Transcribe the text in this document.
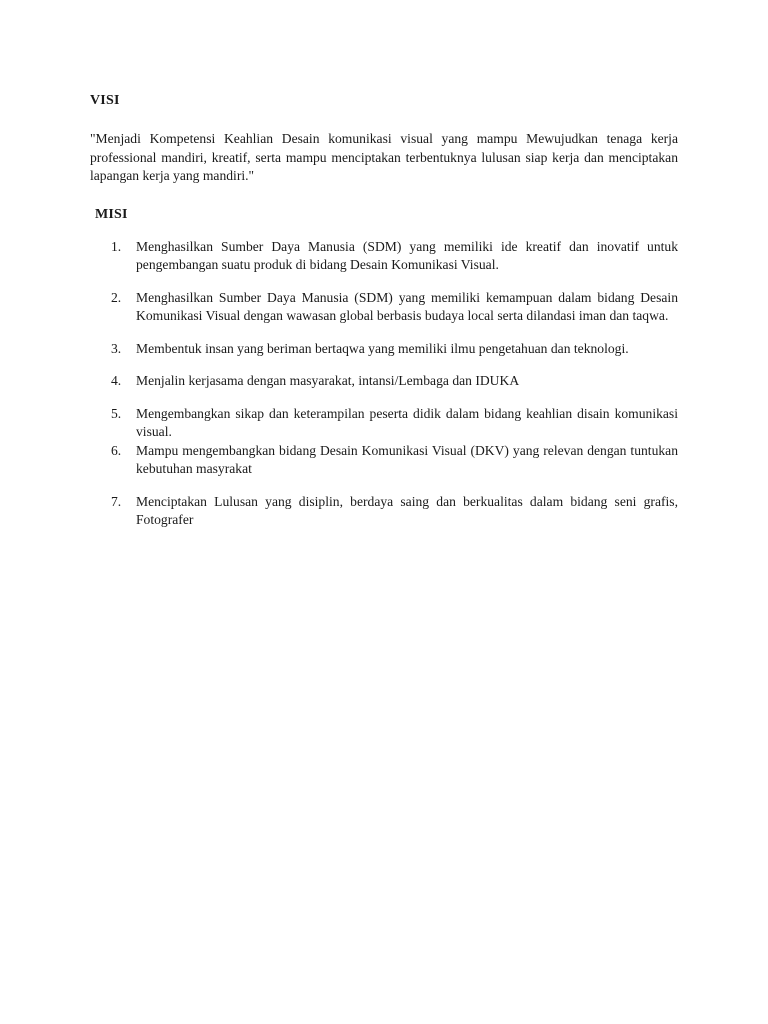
VISI

"Menjadi Kompetensi Keahlian Desain komunikasi visual yang mampu Mewujudkan tenaga kerja professional mandiri, kreatif, serta mampu menciptakan terbentuknya lulusan siap kerja dan menciptakan lapangan kerja yang mandiri."

MISI
1. Menghasilkan Sumber Daya Manusia (SDM) yang memiliki ide kreatif dan inovatif untuk pengembangan suatu produk di bidang Desain Komunikasi Visual.
2. Menghasilkan Sumber Daya Manusia (SDM) yang memiliki kemampuan dalam bidang Desain Komunikasi Visual dengan wawasan global berbasis budaya local serta dilandasi iman dan taqwa.
3. Membentuk insan yang beriman bertaqwa yang memiliki ilmu pengetahuan dan teknologi.
4. Menjalin kerjasama dengan masyarakat, intansi/Lembaga dan IDUKA
5. Mengembangkan sikap dan keterampilan peserta didik dalam bidang keahlian disain komunikasi visual.
6. Mampu mengembangkan bidang Desain Komunikasi Visual (DKV) yang relevan dengan tuntukan kebutuhan masyrakat
7. Menciptakan Lulusan yang disiplin, berdaya saing dan berkualitas dalam bidang seni grafis, Fotografer
